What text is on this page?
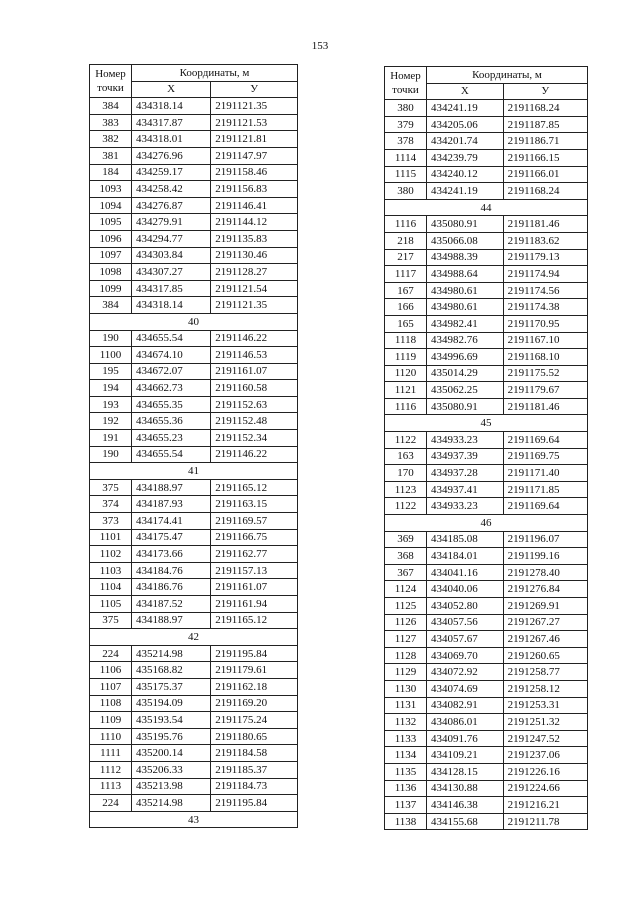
153
Номер
точки	Координаты, м	
	X	У
384	434318.14	2191121.35
383	434317.87	2191121.53
382	434318.01	2191121.81
381	434276.96	2191147.97
184	434259.17	2191158.46
1093	434258.42	2191156.83
1094	434276.87	2191146.41
1095	434279.91	2191144.12
1096	434294.77	2191135.83
1097	434303.84	2191130.46
1098	434307.27	2191128.27
1099	434317.85	2191121.54
384	434318.14	2191121.35
40		
190	434655.54	2191146.22
1100	434674.10	2191146.53
195	434672.07	2191161.07
194	434662.73	2191160.58
193	434655.35	2191152.63
192	434655.36	2191152.48
191	434655.23	2191152.34
190	434655.54	2191146.22
41		
375	434188.97	2191165.12
374	434187.93	2191163.15
373	434174.41	2191169.57
1101	434175.47	2191166.75
1102	434173.66	2191162.77
1103	434184.76	2191157.13
1104	434186.76	2191161.07
1105	434187.52	2191161.94
375	434188.97	2191165.12
42		
224	435214.98	2191195.84
1106	435168.82	2191179.61
1107	435175.37	2191162.18
1108	435194.09	2191169.20
1109	435193.54	2191175.24
1110	435195.76	2191180.65
1111	435200.14	2191184.58
1112	435206.33	2191185.37
1113	435213.98	2191184.73
224	435214.98	2191195.84
43		
Номер
точки	Координаты, м	
	X	У
380	434241.19	2191168.24
379	434205.06	2191187.85
378	434201.74	2191186.71
1114	434239.79	2191166.15
1115	434240.12	2191166.01
380	434241.19	2191168.24
44		
1116	435080.91	2191181.46
218	435066.08	2191183.62
217	434988.39	2191179.13
1117	434988.64	2191174.94
167	434980.61	2191174.56
166	434980.61	2191174.38
165	434982.41	2191170.95
1118	434982.76	2191167.10
1119	434996.69	2191168.10
1120	435014.29	2191175.52
1121	435062.25	2191179.67
1116	435080.91	2191181.46
45		
1122	434933.23	2191169.64
163	434937.39	2191169.75
170	434937.28	2191171.40
1123	434937.41	2191171.85
1122	434933.23	2191169.64
46		
369	434185.08	2191196.07
368	434184.01	2191199.16
367	434041.16	2191278.40
1124	434040.06	2191276.84
1125	434052.80	2191269.91
1126	434057.56	2191267.27
1127	434057.67	2191267.46
1128	434069.70	2191260.65
1129	434072.92	2191258.77
1130	434074.69	2191258.12
1131	434082.91	2191253.31
1132	434086.01	2191251.32
1133	434091.76	2191247.52
1134	434109.21	2191237.06
1135	434128.15	2191226.16
1136	434130.88	2191224.66
1137	434146.38	2191216.21
1138	434155.68	2191211.78
